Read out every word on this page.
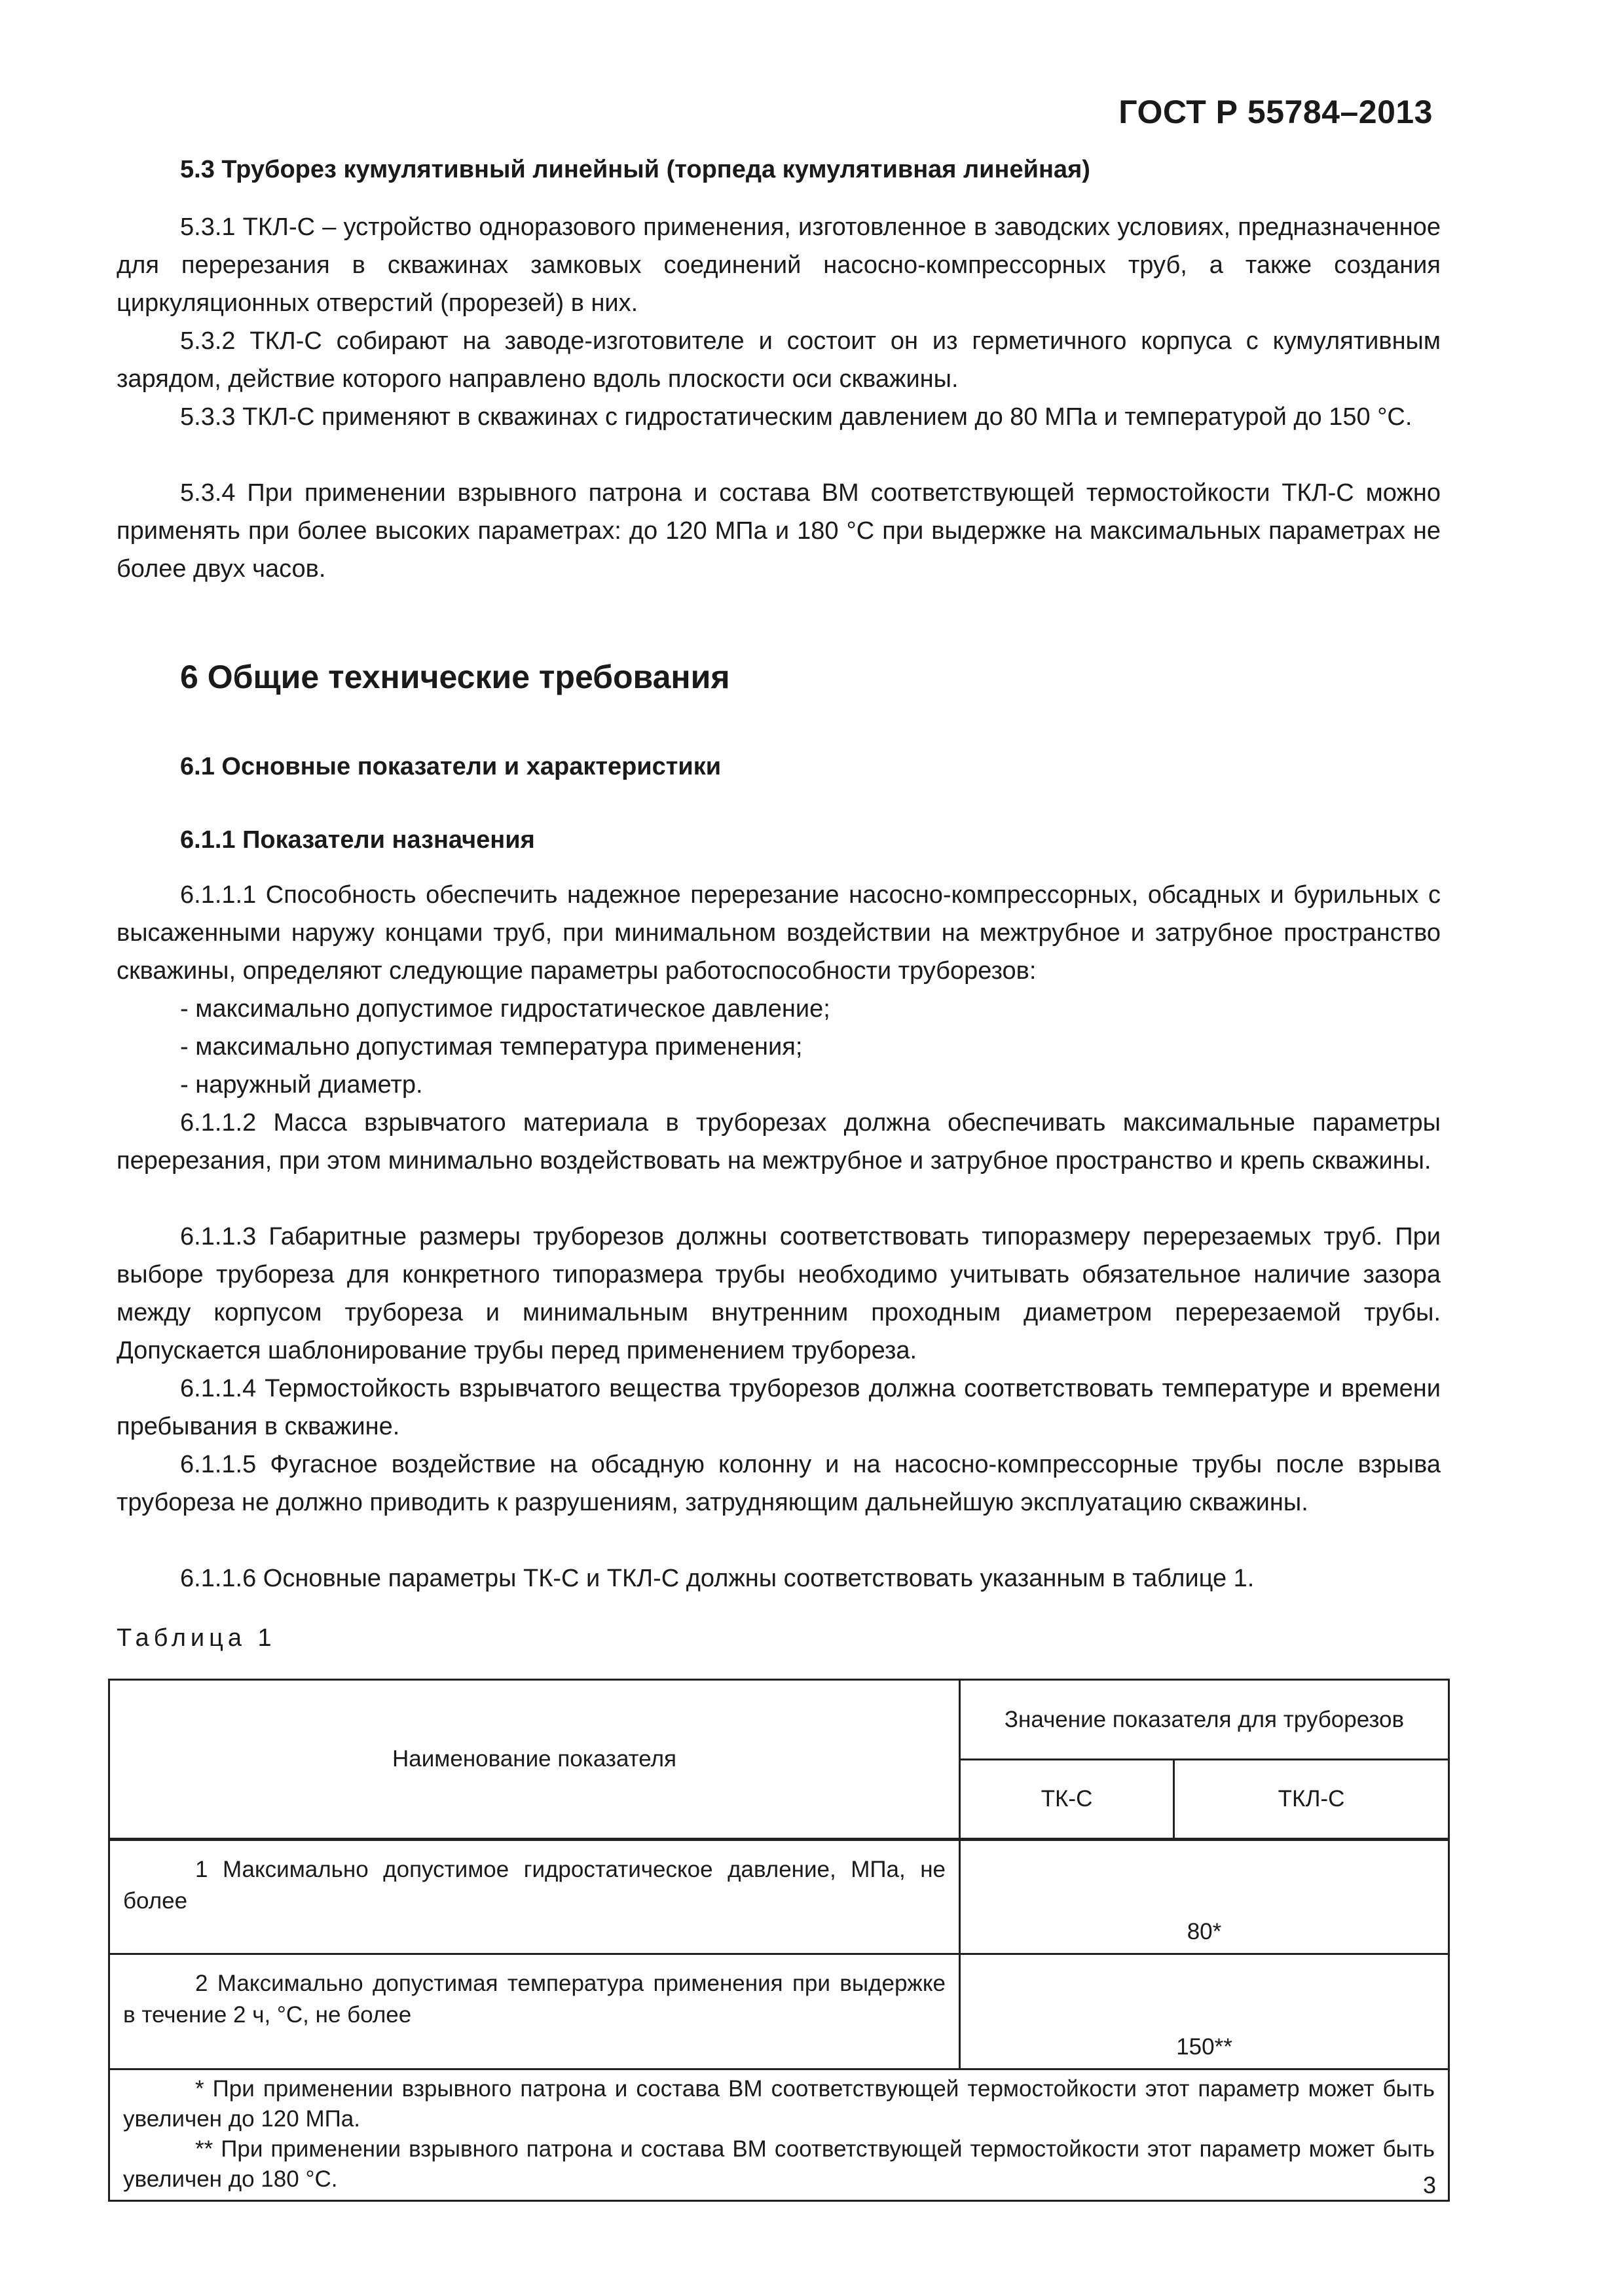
ГОСТ Р 55784–2013
5.3 Труборез кумулятивный линейный (торпеда кумулятивная линейная)

5.3.1 ТКЛ-С – устройство одноразового применения, изготовленное в заводских условиях, предназначенное для перерезания в скважинах замковых соединений насосно-компрессорных труб, а также создания циркуляционных отверстий (прорезей) в них.

5.3.2 ТКЛ-С собирают на заводе-изготовителе и состоит он из герметичного корпуса с кумулятивным зарядом, действие которого направлено вдоль плоскости оси скважины.

5.3.3 ТКЛ-С применяют в скважинах с гидростатическим давлением до 80 МПа и температурой до 150 °С.

5.3.4 При применении взрывного патрона и состава ВМ соответствующей термостойкости ТКЛ-С можно применять при более высоких параметрах: до 120 МПа и 180 °С при выдержке на максимальных параметрах не более двух часов.

6 Общие технические требования
6.1 Основные показатели и характеристики
6.1.1 Показатели назначения

6.1.1.1 Способность обеспечить надежное перерезание насосно-компрессорных, обсадных и бурильных с высаженными наружу концами труб, при минимальном воздействии на межтрубное и затрубное пространство скважины, определяют следующие параметры работоспособности труборезов:

- максимально допустимое гидростатическое давление;
- максимально допустимая температура применения;
- наружный диаметр.

6.1.1.2 Масса взрывчатого материала в труборезах должна обеспечивать максимальные параметры перерезания, при этом минимально воздействовать на межтрубное и затрубное пространство и крепь скважины.

6.1.1.3 Габаритные размеры труборезов должны соответствовать типоразмеру перерезаемых труб. При выборе трубореза для конкретного типоразмера трубы необходимо учитывать обязательное наличие зазора между корпусом трубореза и минимальным внутренним проходным диаметром перерезаемой трубы. Допускается шаблонирование трубы перед применением трубореза.

6.1.1.4 Термостойкость взрывчатого вещества труборезов должна соответствовать температуре и времени пребывания в скважине.

6.1.1.5 Фугасное воздействие на обсадную колонну и на насосно-компрессорные трубы после взрыва трубореза не должно приводить к разрушениям, затрудняющим дальнейшую эксплуатацию скважины.

6.1.1.6 Основные параметры ТК-С и ТКЛ-С должны соответствовать указанным в таблице 1.

Таблица 1
Наименование показателя	Значение показателя для труборезов	
	ТК-С	ТКЛ-С
1 Максимально допустимое гидростатическое давление, МПа, не более	80*	
2 Максимально допустимая температура применения при выдержке в течение 2 ч, °С, не более	150**	

* При применении взрывного патрона и состава ВМ соответствующей термостойкости этот параметр может быть увеличен до 120 МПа.

** При применении взрывного патрона и состава ВМ соответствующей термостойкости этот параметр может быть увеличен до 180 °С.			3
